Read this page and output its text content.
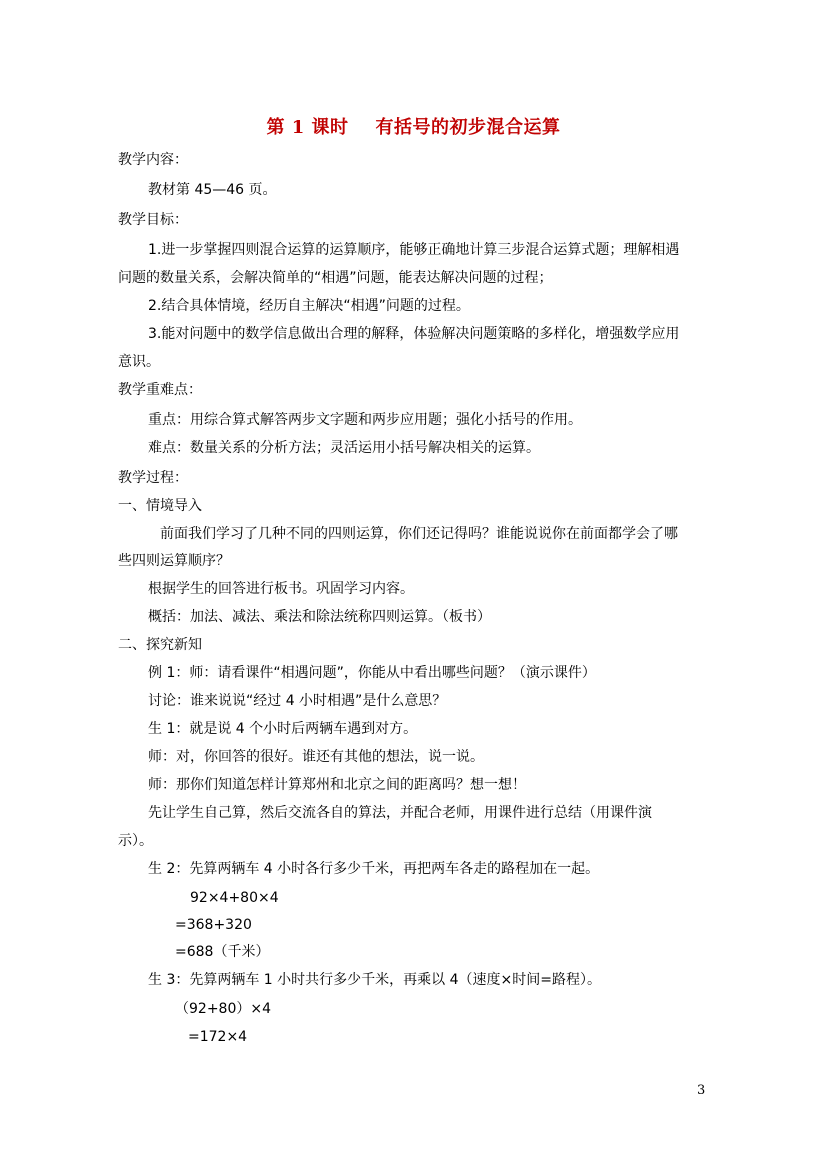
第 1 课时    有括号的初步混合运算
教学内容：
教材第 45—46 页。
教学目标：
1.进一步掌握四则混合运算的运算顺序，能够正确地计算三步混合运算式题；理解相遇
问题的数量关系，会解决简单的“相遇”问题，能表达解决问题的过程；
2.结合具体情境，经历自主解决“相遇”问题的过程。
3.能对问题中的数学信息做出合理的解释，体验解决问题策略的多样化，增强数学应用
意识。
教学重难点：
重点：用综合算式解答两步文字题和两步应用题；强化小括号的作用。
难点：数量关系的分析方法；灵活运用小括号解决相关的运算。
教学过程：
一、情境导入
前面我们学习了几种不同的四则运算，你们还记得吗？谁能说说你在前面都学会了哪
些四则运算顺序？
根据学生的回答进行板书。巩固学习内容。
概括：加法、减法、乘法和除法统称四则运算。（板书）
二、探究新知
例 1：师：请看课件“相遇问题”，你能从中看出哪些问题？（演示课件）
讨论：谁来说说“经过 4 小时相遇”是什么意思？
生 1：就是说 4 个小时后两辆车遇到对方。
师：对，你回答的很好。谁还有其他的想法，说一说。
师：那你们知道怎样计算郑州和北京之间的距离吗？想一想！
先让学生自己算，然后交流各自的算法，并配合老师，用课件进行总结（用课件演
示）。
生 2：先算两辆车 4 小时各行多少千米，再把两车各走的路程加在一起。
92×4+80×4
=368+320
=688（千米）
生 3：先算两辆车 1 小时共行多少千米，再乘以 4（速度×时间=路程）。
（92+80）×4
=172×4
3
